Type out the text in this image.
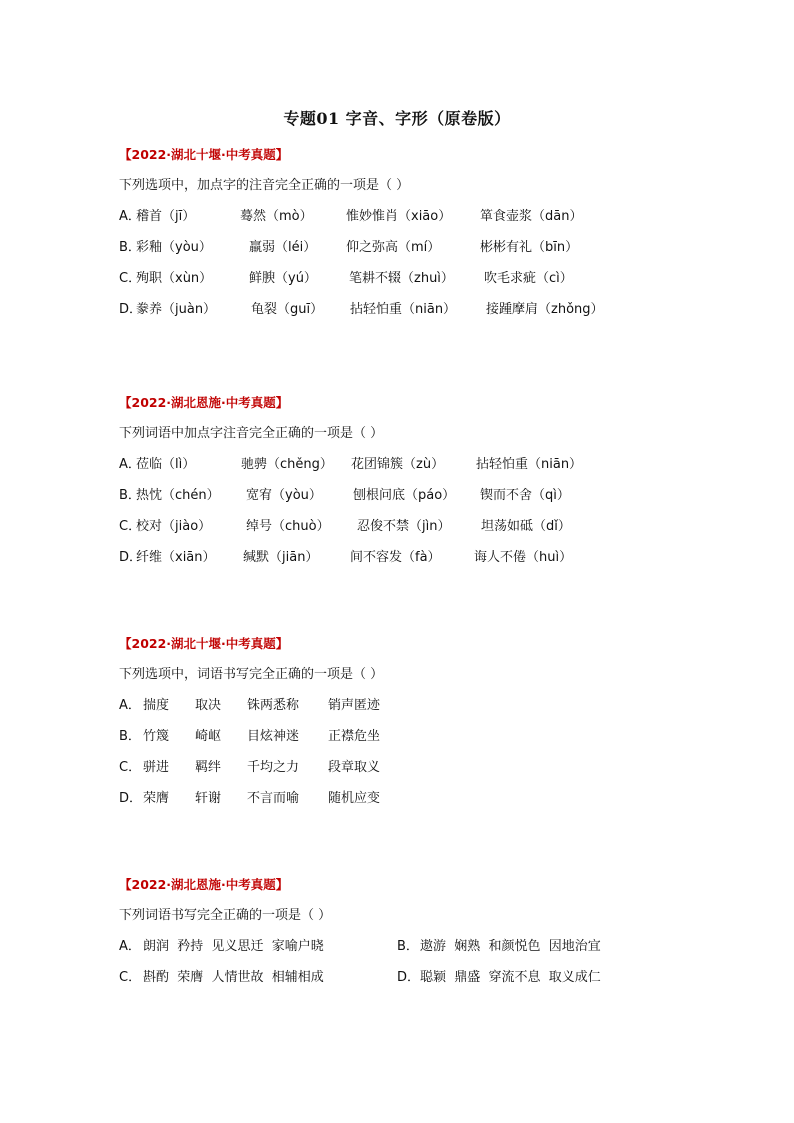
专题01 字音、字形（原卷版）
【2022·湖北十堰·中考真题】
下列选项中，加点字的注音完全正确的一项是（ ）
A．
稽首（jī）	蓦然（mò）	惟妙惟肖（xiāo） 箪食壶浆（dān）
B．
彩釉（yòu）	羸弱（léi） 仰之弥高（mí）	彬彬有礼（bīn）
C．
殉职（xùn）	鲜腴（yú） 笔耕不辍（zhuì） 吹毛求疵（cì）
D．
豢养（juàn）	龟裂（guī） 拈轻怕重（niān） 接踵摩肩（zhǒng）
【2022·湖北恩施·中考真题】
下列词语中加点字注音完全正确的一项是（ ）
A．
莅临（lì）	驰骋（chěng） 花团锦簇（zù） 拈轻怕重（niān）
B．
热忱（chén） 宽宥（yòu） 刨根问底（páo） 锲而不舍（qì）
C．
校对（jiào）	绰号（chuò） 忍俊不禁（jìn） 坦荡如砥（dǐ）
D．
纤维（xiān） 缄默（jiān） 间不容发（fà）	诲人不倦（huì）
【2022·湖北十堰·中考真题】
下列选项中，词语书写完全正确的一项是（ ）
A． 揣度 取决 铢两悉称 销声匿迹
B． 竹篾 崎岖 目炫神迷 正襟危坐
C． 骈进 羁绊 千均之力 段章取义
D． 荣膺 轩谢 不言而喻 随机应变
【2022·湖北恩施·中考真题】
下列词语书写完全正确的一项是（ ）
A． 朗润  矜持  见义思迁  家喻户晓	B． 遨游  娴熟  和颜悦色  因地治宜
C． 斟酌  荣膺  人情世故  相辅相成	D． 聪颖  鼎盛  穿流不息  取义成仁
